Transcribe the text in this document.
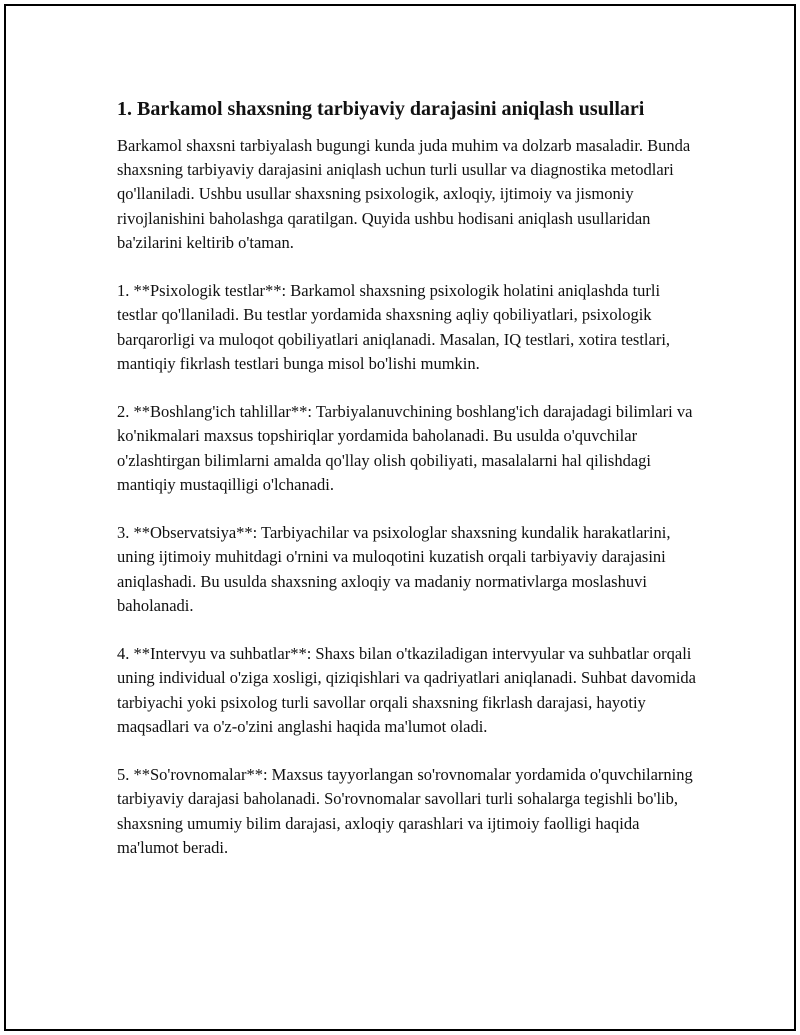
1. Barkamol shaxsning tarbiyaviy darajasini aniqlash usullari

Barkamol shaxsni tarbiyalash bugungi kunda juda muhim va dolzarb masaladir. Bunda shaxsning tarbiyaviy darajasini aniqlash uchun turli usullar va diagnostika metodlari qo'llaniladi. Ushbu usullar shaxsning psixologik, axloqiy, ijtimoiy va jismoniy rivojlanishini baholashga qaratilgan. Quyida ushbu hodisani aniqlash usullaridan ba'zilarini keltirib o'taman.

1. **Psixologik testlar**: Barkamol shaxsning psixologik holatini aniqlashda turli testlar qo'llaniladi. Bu testlar yordamida shaxsning aqliy qobiliyatlari, psixologik barqarorligi va muloqot qobiliyatlari aniqlanadi. Masalan, IQ testlari, xotira testlari, mantiqiy fikrlash testlari bunga misol bo'lishi mumkin.

2. **Boshlang'ich tahlillar**: Tarbiyalanuvchining boshlang'ich darajadagi bilimlari va ko'nikmalari maxsus topshiriqlar yordamida baholanadi. Bu usulda o'quvchilar o'zlashtirgan bilimlarni amalda qo'llay olish qobiliyati, masalalarni hal qilishdagi mantiqiy mustaqilligi o'lchanadi.

3. **Observatsiya**: Tarbiyachilar va psixologlar shaxsning kundalik harakatlarini, uning ijtimoiy muhitdagi o'rnini va muloqotini kuzatish orqali tarbiyaviy darajasini aniqlashadi. Bu usulda shaxsning axloqiy va madaniy normativlarga moslashuvi baholanadi.

4. **Intervyu va suhbatlar**: Shaxs bilan o'tkaziladigan intervyular va suhbatlar orqali uning individual o'ziga xosligi, qiziqishlari va qadriyatlari aniqlanadi. Suhbat davomida tarbiyachi yoki psixolog turli savollar orqali shaxsning fikrlash darajasi, hayotiy maqsadlari va o'z-o'zini anglashi haqida ma'lumot oladi.

5. **So'rovnomalar**: Maxsus tayyorlangan so'rovnomalar yordamida o'quvchilarning tarbiyaviy darajasi baholanadi. So'rovnomalar savollari turli sohalarga tegishli bo'lib, shaxsning umumiy bilim darajasi, axloqiy qarashlari va ijtimoiy faolligi haqida ma'lumot beradi.
